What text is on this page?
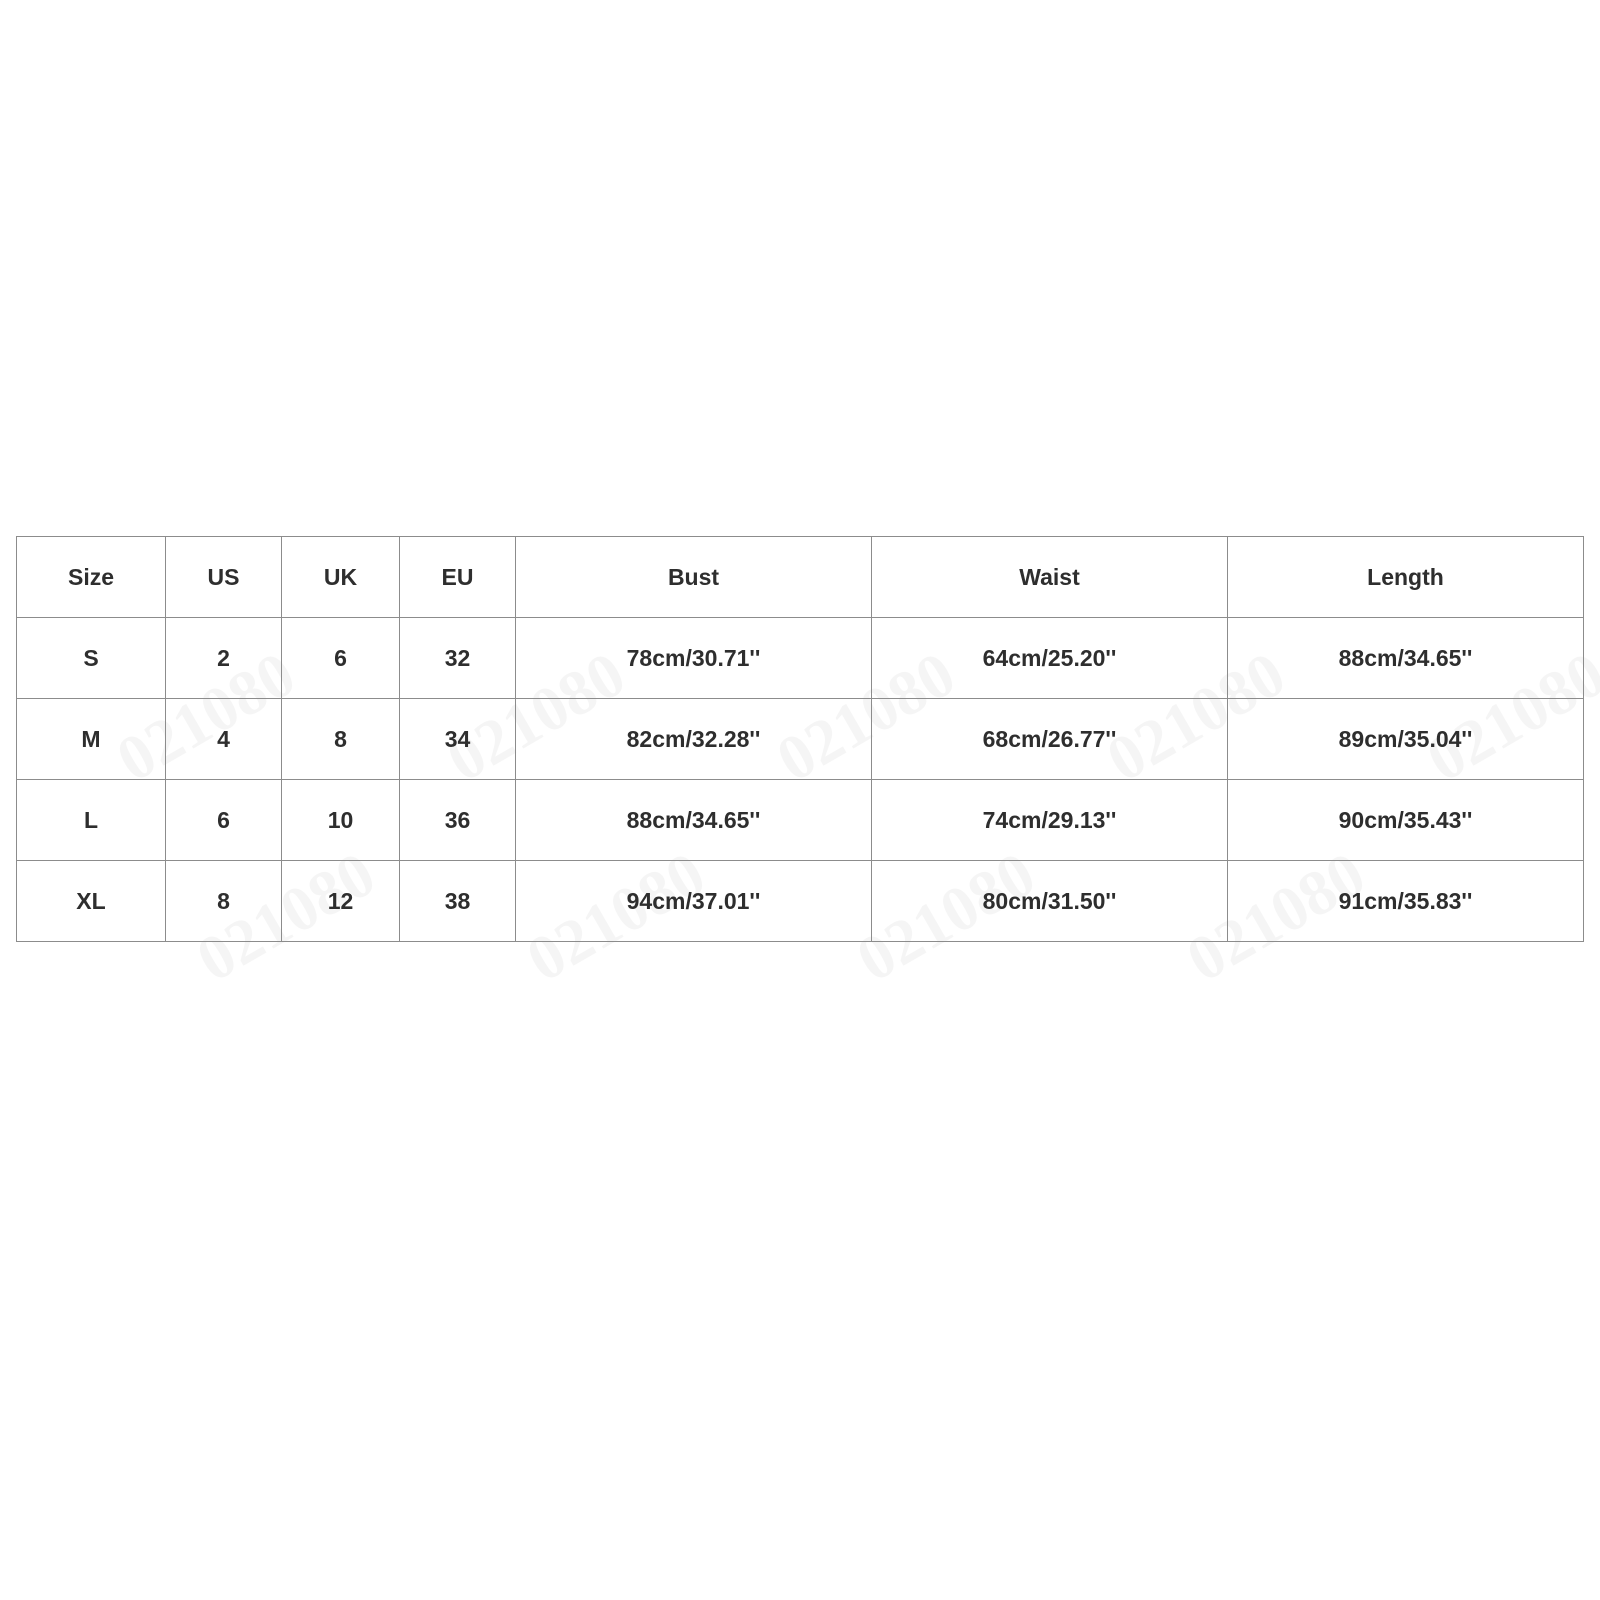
Size	US	UK	EU	Bust	Waist	Length
S	2	6	32	78cm/30.71''	64cm/25.20''	88cm/34.65''
M	4	8	34	82cm/32.28''	68cm/26.77''	89cm/35.04''
L	6	10	36	88cm/34.65''	74cm/29.13''	90cm/35.43''
XL	8	12	38	94cm/37.01''	80cm/31.50''	91cm/35.83''
